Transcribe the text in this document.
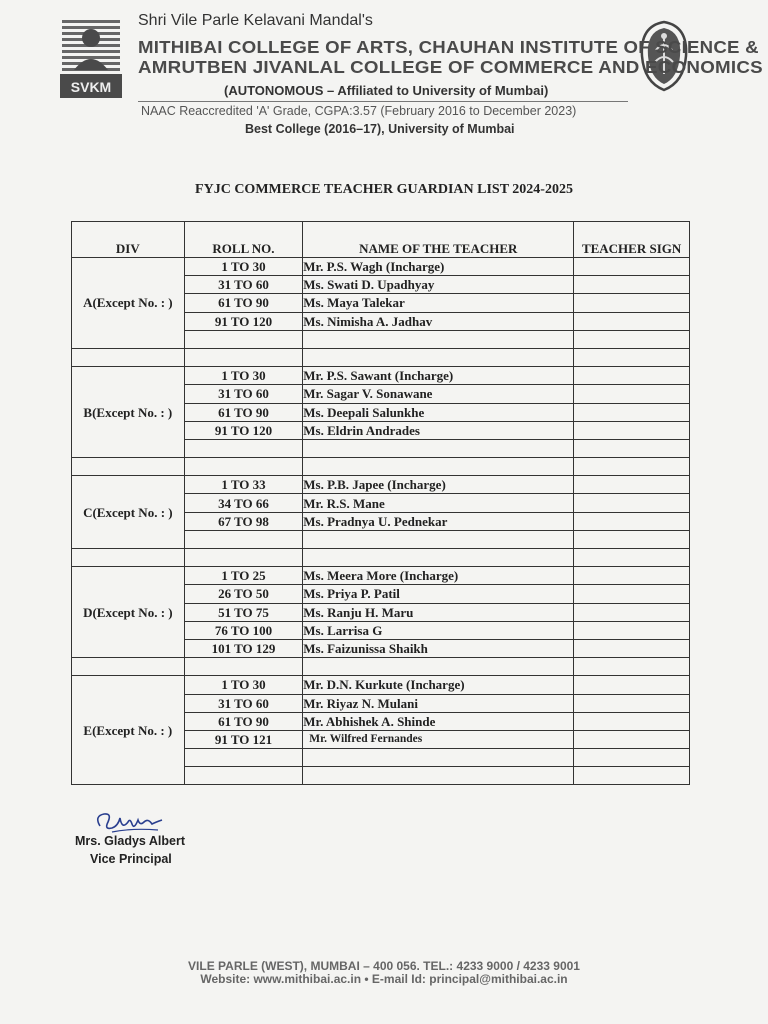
SVKM
Shri Vile Parle Kelavani Mandal's
MITHIBAI COLLEGE OF ARTS, CHAUHAN INSTITUTE OF SCIENCE &
AMRUTBEN JIVANLAL COLLEGE OF COMMERCE AND ECONOMICS
(AUTONOMOUS – Affiliated to University of Mumbai)
NAAC Reaccredited 'A' Grade, CGPA:3.57 (February 2016 to December 2023)
Best College (2016–17), University of Mumbai
FYJC COMMERCE TEACHER GUARDIAN LIST 2024-2025
DIV	ROLL NO.	NAME OF THE TEACHER	TEACHER SIGN
A(Except No. : )	1 TO 30	Mr. P.S. Wagh (Incharge)	
	31 TO 60	Ms. Swati D. Upadhyay	
	61 TO 90	Ms. Maya Talekar	
	91 TO 120	Ms. Nimisha A. Jadhav	

B(Except No. : )	1 TO 30	Mr. P.S. Sawant (Incharge)	
	31 TO 60	Mr. Sagar V. Sonawane	
	61 TO 90	Ms. Deepali Salunkhe	
	91 TO 120	Ms. Eldrin Andrades	

C(Except No. : )	1 TO 33	Ms. P.B. Japee (Incharge)	
	34 TO 66	Mr. R.S. Mane	
	67 TO 98	Ms. Pradnya U. Pednekar	

D(Except No. : )	1 TO 25	Ms. Meera More (Incharge)	
	26 TO 50	Ms. Priya P. Patil	
	51 TO 75	Ms. Ranju H. Maru	
	76 TO 100	Ms. Larrisa G	
	101 TO 129	Ms. Faizunissa Shaikh	

E(Except No. : )	1 TO 30	Mr. D.N. Kurkute (Incharge)	
	31 TO 60	Mr. Riyaz N. Mulani	
	61 TO 90	Mr. Abhishek A. Shinde	
	91 TO 121	Mr. Wilfred Fernandes	

Mrs. Gladys Albert
Vice Principal
VILE PARLE (WEST), MUMBAI – 400 056. TEL.: 4233 9000 / 4233 9001
Website: www.mithibai.ac.in • E-mail Id: principal@mithibai.ac.in
